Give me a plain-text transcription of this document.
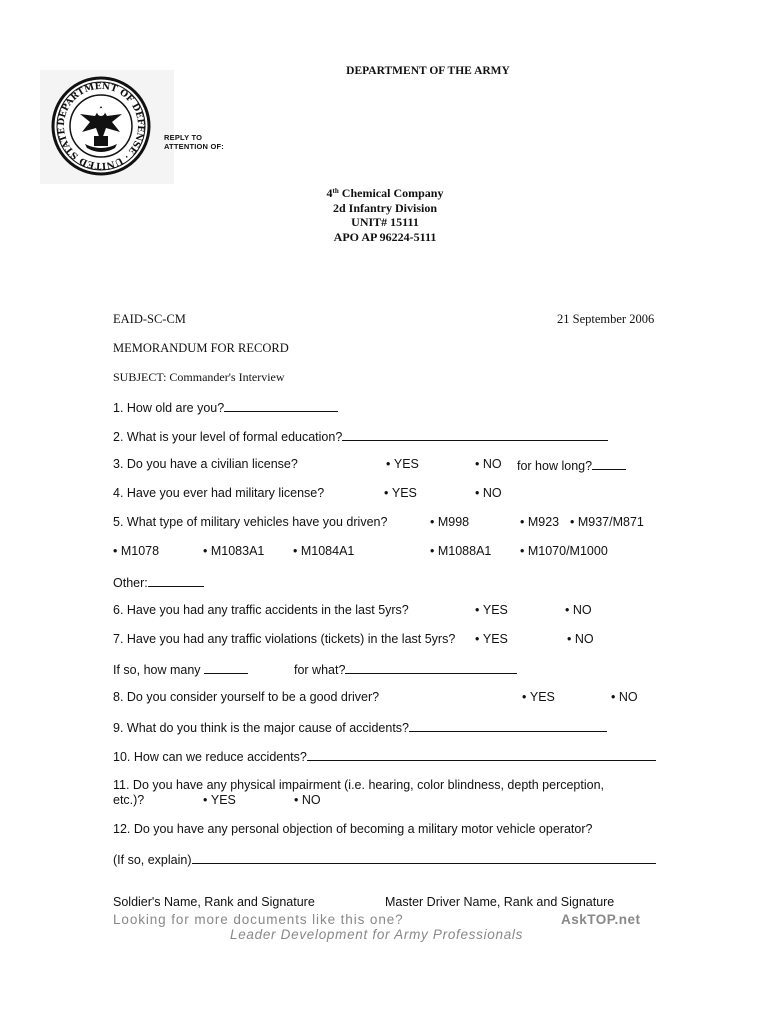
DEPARTMENT OF DEFENSE · UNITED STATE
REPLY TO
ATTENTION OF:
DEPARTMENT OF THE ARMY
4th Chemical Company
2d Infantry Division
UNIT# 15111
APO AP 96224-5111
EAID-SC-CM	21 September 2006
MEMORANDUM FOR RECORD
SUBJECT: Commander's Interview
1. How old are you?
2. What is your level of formal education?
3. Do you have a civilian license?	• YES	• NO for how long?
4. Have you ever had military license?	• YES	• NO
5. What type of military vehicles have you driven?	• M998	• M923	• M937/M871
• M1078	• M1083A1	• M1084A1	• M1088A1	• M1070/M1000
Other:
6. Have you had any traffic accidents in the last 5yrs?	• YES	• NO
7. Have you had any traffic violations (tickets) in the last 5yrs?	• YES	• NO
If so, how many	for what?
8. Do you consider yourself to be a good driver?	• YES	• NO
9. What do you think is the major cause of accidents?
10. How can we reduce accidents?
11. Do you have any physical impairment (i.e. hearing, color blindness, depth perception,
etc.)?	• YES	• NO
12. Do you have any personal objection of becoming a military motor vehicle operator?
(If so, explain)
Soldier's Name, Rank and Signature	Master Driver Name, Rank and Signature
Looking for more documents like this one?	AskTOP.net
Leader Development for Army Professionals
